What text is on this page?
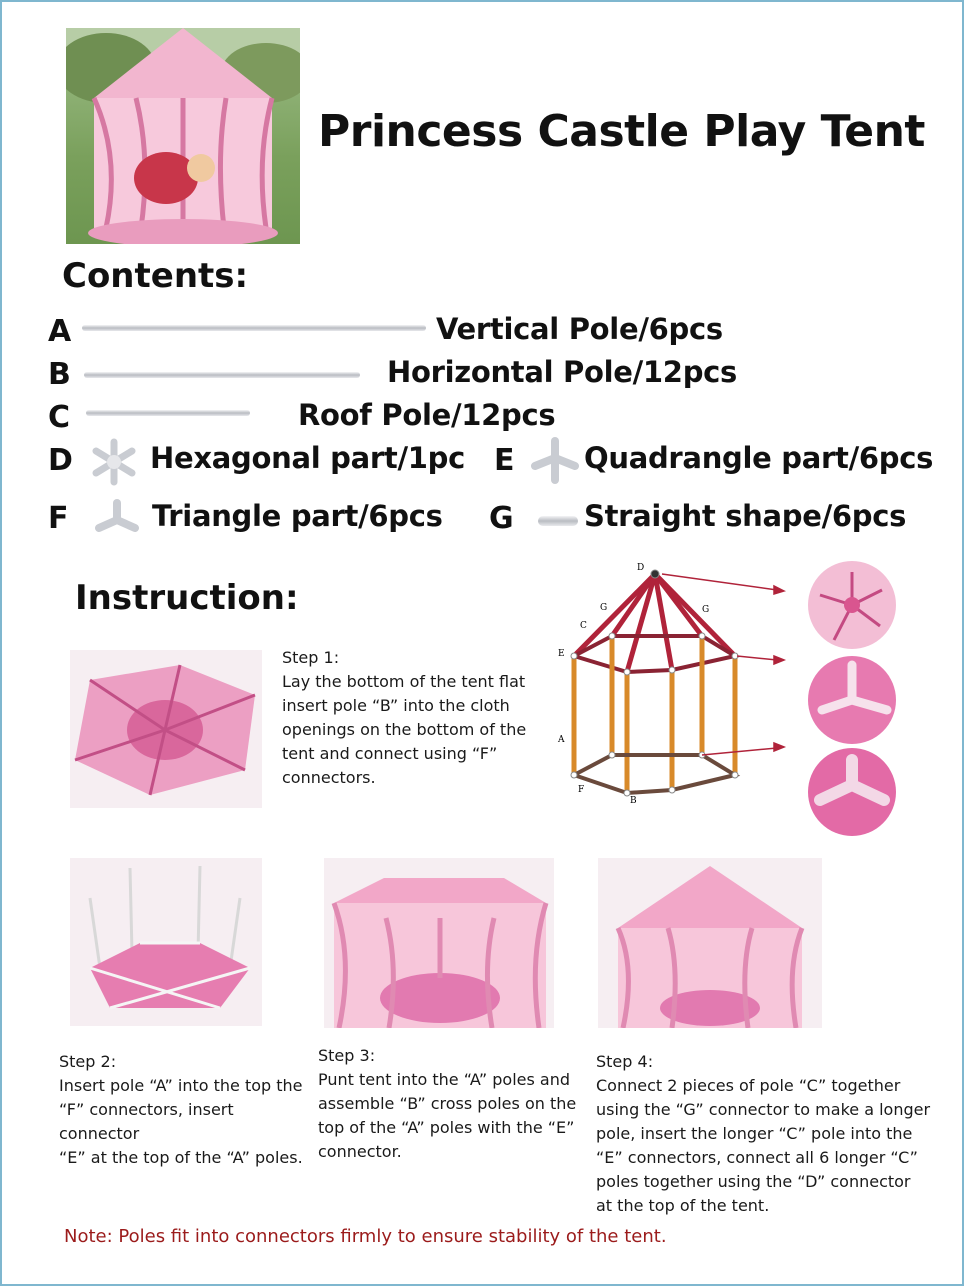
Princess Castle Play Tent
Contents:
A	Vertical Pole/6pcs
B	Horizontal Pole/12pcs
C	Roof Pole/12pcs
D	Hexagonal part/1pc E Quadrangle part/6pcs
F	Triangle part/6pcs G Straight shape/6pcs
Instruction:
Step 1:
Lay the bottom of the tent flat
insert pole “B” into the cloth
openings on the bottom of the
tent and connect using “F”
connectors.
D
G	G
C
E
A
F
B
Step 2:
Insert pole “A” into the top the
“F” connectors, insert connector
“E” at the top of the “A” poles.
Step 3:
Punt tent into the “A” poles and
assemble “B” cross poles on the
top of the “A” poles with the “E”
connector.
Step 4:
Connect 2 pieces of pole “C” together
using the “G” connector to make a longer
pole, insert the longer “C” pole into the
“E” connectors, connect all 6 longer “C”
poles together using the “D” connector
at the top of the tent.
Note: Poles fit into connectors firmly to ensure stability of the tent.
